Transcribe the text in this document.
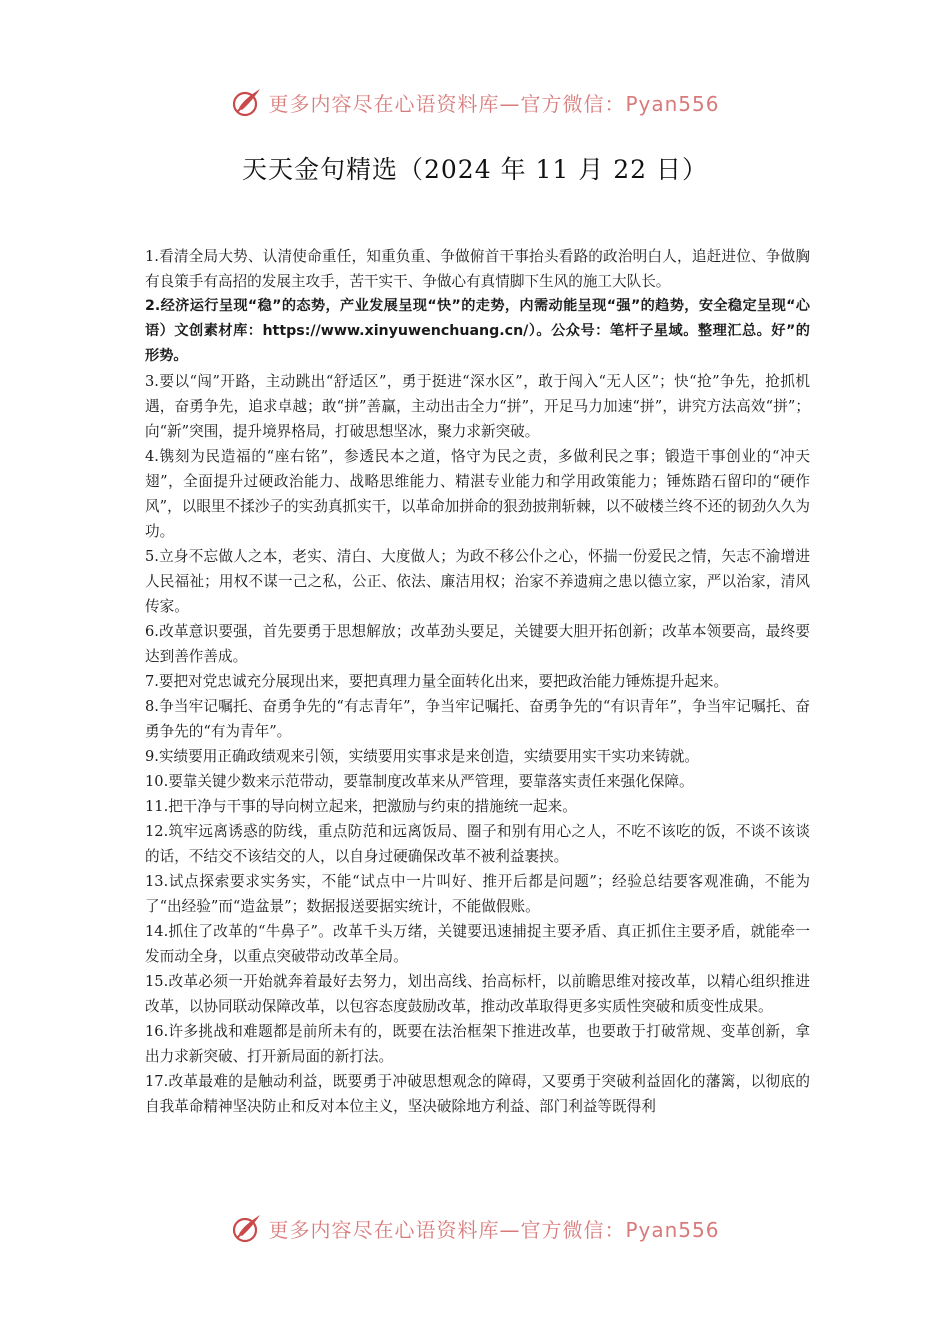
更多内容尽在心语资料库—官方微信：Pyan556
天天金句精选（2024 年 11 月 22 日）

1.看清全局大势、认清使命重任，知重负重、争做俯首干事抬头看路的政治明白人，追赶进位、争做胸有良策手有高招的发展主攻手，苦干实干、争做心有真情脚下生风的施工大队长。

2.经济运行呈现“稳”的态势，产业发展呈现“快”的走势，内需动能呈现“强”的趋势，安全稳定呈现“心语）文创素材库：https://www.xinyuwenchuang.cn/）。公众号：笔杆子星域。整理汇总。好”的形势。

3.要以“闯”开路，主动跳出“舒适区”，勇于挺进“深水区”，敢于闯入“无人区”；快“抢”争先，抢抓机遇，奋勇争先，追求卓越；敢“拼”善赢，主动出击全力“拼”，开足马力加速“拼”，讲究方法高效“拼”；向“新”突围，提升境界格局，打破思想坚冰，聚力求新突破。

4.镌刻为民造福的“座右铭”，参透民本之道，恪守为民之责，多做利民之事；锻造干事创业的“冲天翅”，全面提升过硬政治能力、战略思维能力、精湛专业能力和学用政策能力；锤炼踏石留印的“硬作风”，以眼里不揉沙子的实劲真抓实干，以革命加拼命的狠劲披荆斩棘，以不破楼兰终不还的韧劲久久为功。

5.立身不忘做人之本，老实、清白、大度做人；为政不移公仆之心，怀揣一份爱民之情，矢志不渝增进人民福祉；用权不谋一己之私，公正、依法、廉洁用权；治家不养遗痈之患以德立家，严以治家，清风传家。

6.改革意识要强，首先要勇于思想解放；改革劲头要足，关键要大胆开拓创新；改革本领要高，最终要达到善作善成。

7.要把对党忠诚充分展现出来，要把真理力量全面转化出来，要把政治能力锤炼提升起来。

8.争当牢记嘱托、奋勇争先的“有志青年”，争当牢记嘱托、奋勇争先的“有识青年”，争当牢记嘱托、奋勇争先的“有为青年”。

9.实绩要用正确政绩观来引领，实绩要用实事求是来创造，实绩要用实干实功来铸就。

10.要靠关键少数来示范带动，要靠制度改革来从严管理，要靠落实责任来强化保障。

11.把干净与干事的导向树立起来，把激励与约束的措施统一起来。

12.筑牢远离诱惑的防线，重点防范和远离饭局、圈子和别有用心之人，不吃不该吃的饭，不谈不该谈的话，不结交不该结交的人，以自身过硬确保改革不被利益裹挟。

13.试点探索要求实务实，不能“试点中一片叫好、推开后都是问题”；经验总结要客观准确，不能为了“出经验”而“造盆景”；数据报送要据实统计，不能做假账。

14.抓住了改革的“牛鼻子”。改革千头万绪，关键要迅速捕捉主要矛盾、真正抓住主要矛盾，就能牵一发而动全身，以重点突破带动改革全局。

15.改革必须一开始就奔着最好去努力，划出高线、抬高标杆，以前瞻思维对接改革，以精心组织推进改革，以协同联动保障改革，以包容态度鼓励改革，推动改革取得更多实质性突破和质变性成果。

16.许多挑战和难题都是前所未有的，既要在法治框架下推进改革，也要敢于打破常规、变革创新，拿出力求新突破、打开新局面的新打法。

17.改革最难的是触动利益，既要勇于冲破思想观念的障碍，又要勇于突破利益固化的藩篱，以彻底的自我革命精神坚决防止和反对本位主义，坚决破除地方利益、部门利益等既得利

更多内容尽在心语资料库—官方微信：Pyan556
